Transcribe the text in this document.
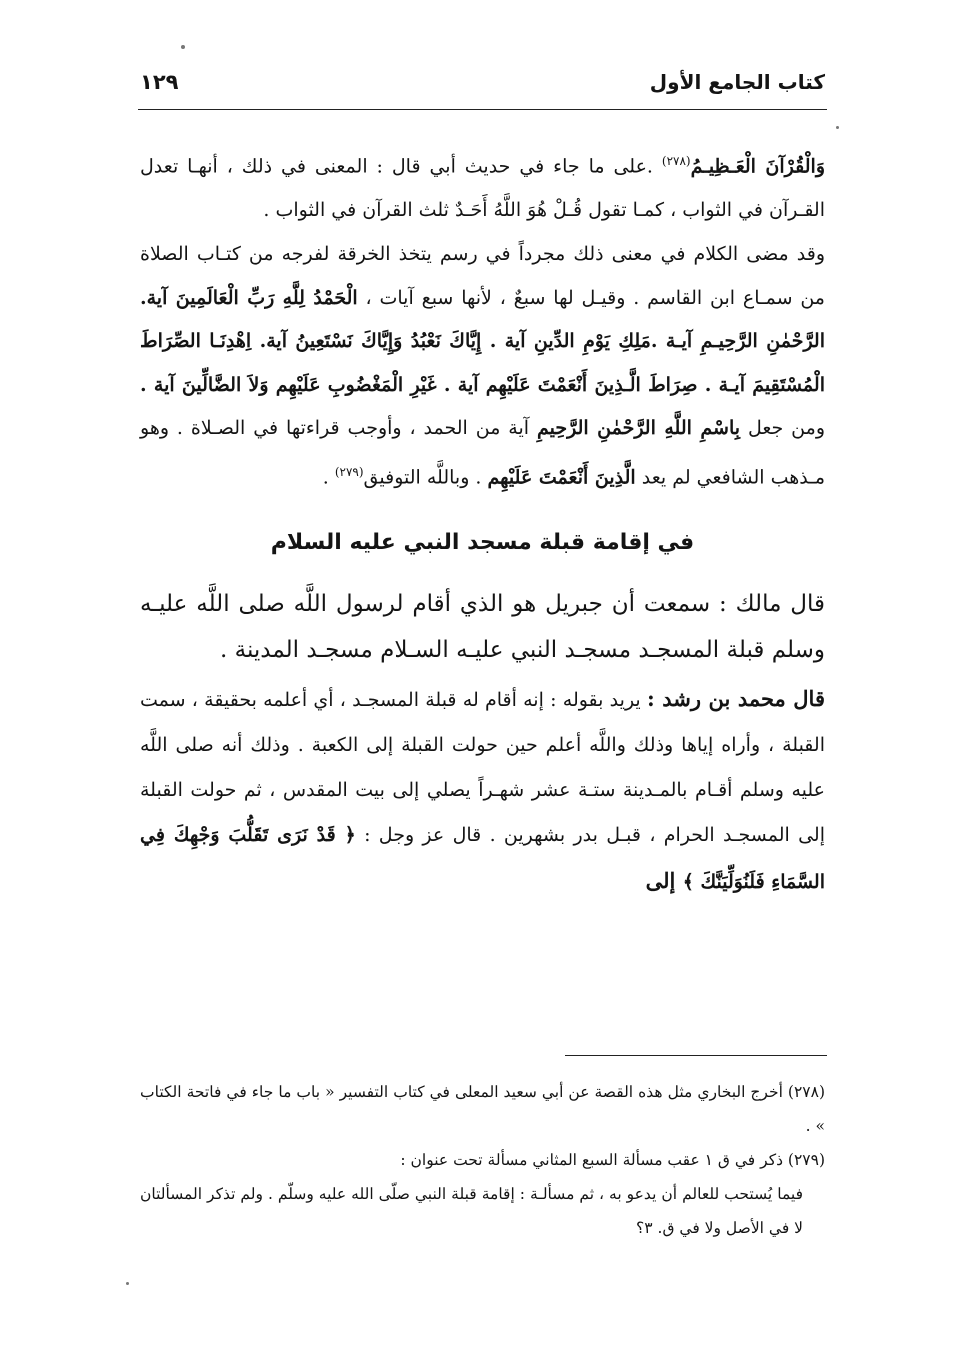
كتاب الجامع الأول
١٢٩

وَالْقُرْآنَ الْعَـظِيـمُ$^{(٢٧٨)}$ .على ما جاء في حديث أبي قال : المعنى في ذلك ، أنهـا تعدل القـرآن في الثواب ، كمـا تقول قُـلْ هُوَ اللَّهُ أَحَـدٌ ثلث القرآن في الثواب .

وقد مضى الكلام في معنى ذلك مجرداً في رسم يتخذ الخرقة لفرجه من كتـاب الصلاة من سمـاع ابن القاسم . وقيـل لها سبعٌ ، لأنها سبع آيات ، الْحَمْدُ لِلَّهِ رَبِّ الْعَالَمِينَ آية. الرَّحْمٰنِ الرَّحِيـمِ آيـة .مَلِكِ يَوْمِ الدِّينِ آية . إِيَّاكَ نَعْبُدُ وَإِيَّاكَ نَسْتَعِينُ آية. اِهْدِنَـا الصِّرَاطَ الْمُسْتَقِيمَ آيـة . صِرَاطَ الَّـذِينَ أَنْعَمْتَ عَلَيْهِم آية . غَيْرِ الْمَغْضُوبِ عَلَيْهِم وَلاَ الضَّالِّينَ آية . ومن جعل بِاسْمِ اللَّهِ الرَّحْمٰنِ الرَّحِيمِ آية من الحمد ، وأوجب قراءتها في الصـلاة . وهو مـذهب الشافعي لم يعد الَّذِينَ أَنْعَمْتَ عَلَيْهِم . وباللَّه التوفيق$^{(٢٧٩)}$ .

في إقامة قبلة مسجد النبي عليه السلام

قال مالك : سمعت أن جبريل هو الذي أقام لرسول اللَّه صلى اللَّه عليـه وسلم قبلة المسجـد مسجـد النبي عليـه السـلام مسجـد المدينة .

قال محمد بن رشد : يريد بقوله : إنه أقام له قبلة المسجـد ، أي أعلمه بحقيقة ، سمت القبلة ، وأراه إياها وذلك واللَّه أعلم حين حولت القبلة إلى الكعبة . وذلك أنه صلى اللَّه عليه وسلم أقـام بالمـدينة ستـة عشر شهـراً يصلي إلى بيت المقدس ، ثم حولت القبلة إلى المسجـد الحرام ، قبـل بدر بشهرين . قال عز وجل : ﴿ قَدْ نَرَى تَقَلُّبَ وَجْهِكَ فِي السَّمَاءِ فَلَنُوَلِّيَنَّكَ ﴾ إلى

(٢٧٨) أخرج البخاري مثل هذه القصة عن أبي سعيد المعلى في كتاب التفسير « باب ما جاء في فاتحة الكتاب » .

(٢٧٩) ذكر في ق ١ عقب مسألة السبع المثاني مسألة تحت عنوان :

فيما يُستحب للعالم أن يدعو به ، ثم مسألـة : إقامة قبلة النبي صلّى الله عليه وسلّم . ولم تذكر المسألتان لا في الأصل ولا في ق. ٣؟
